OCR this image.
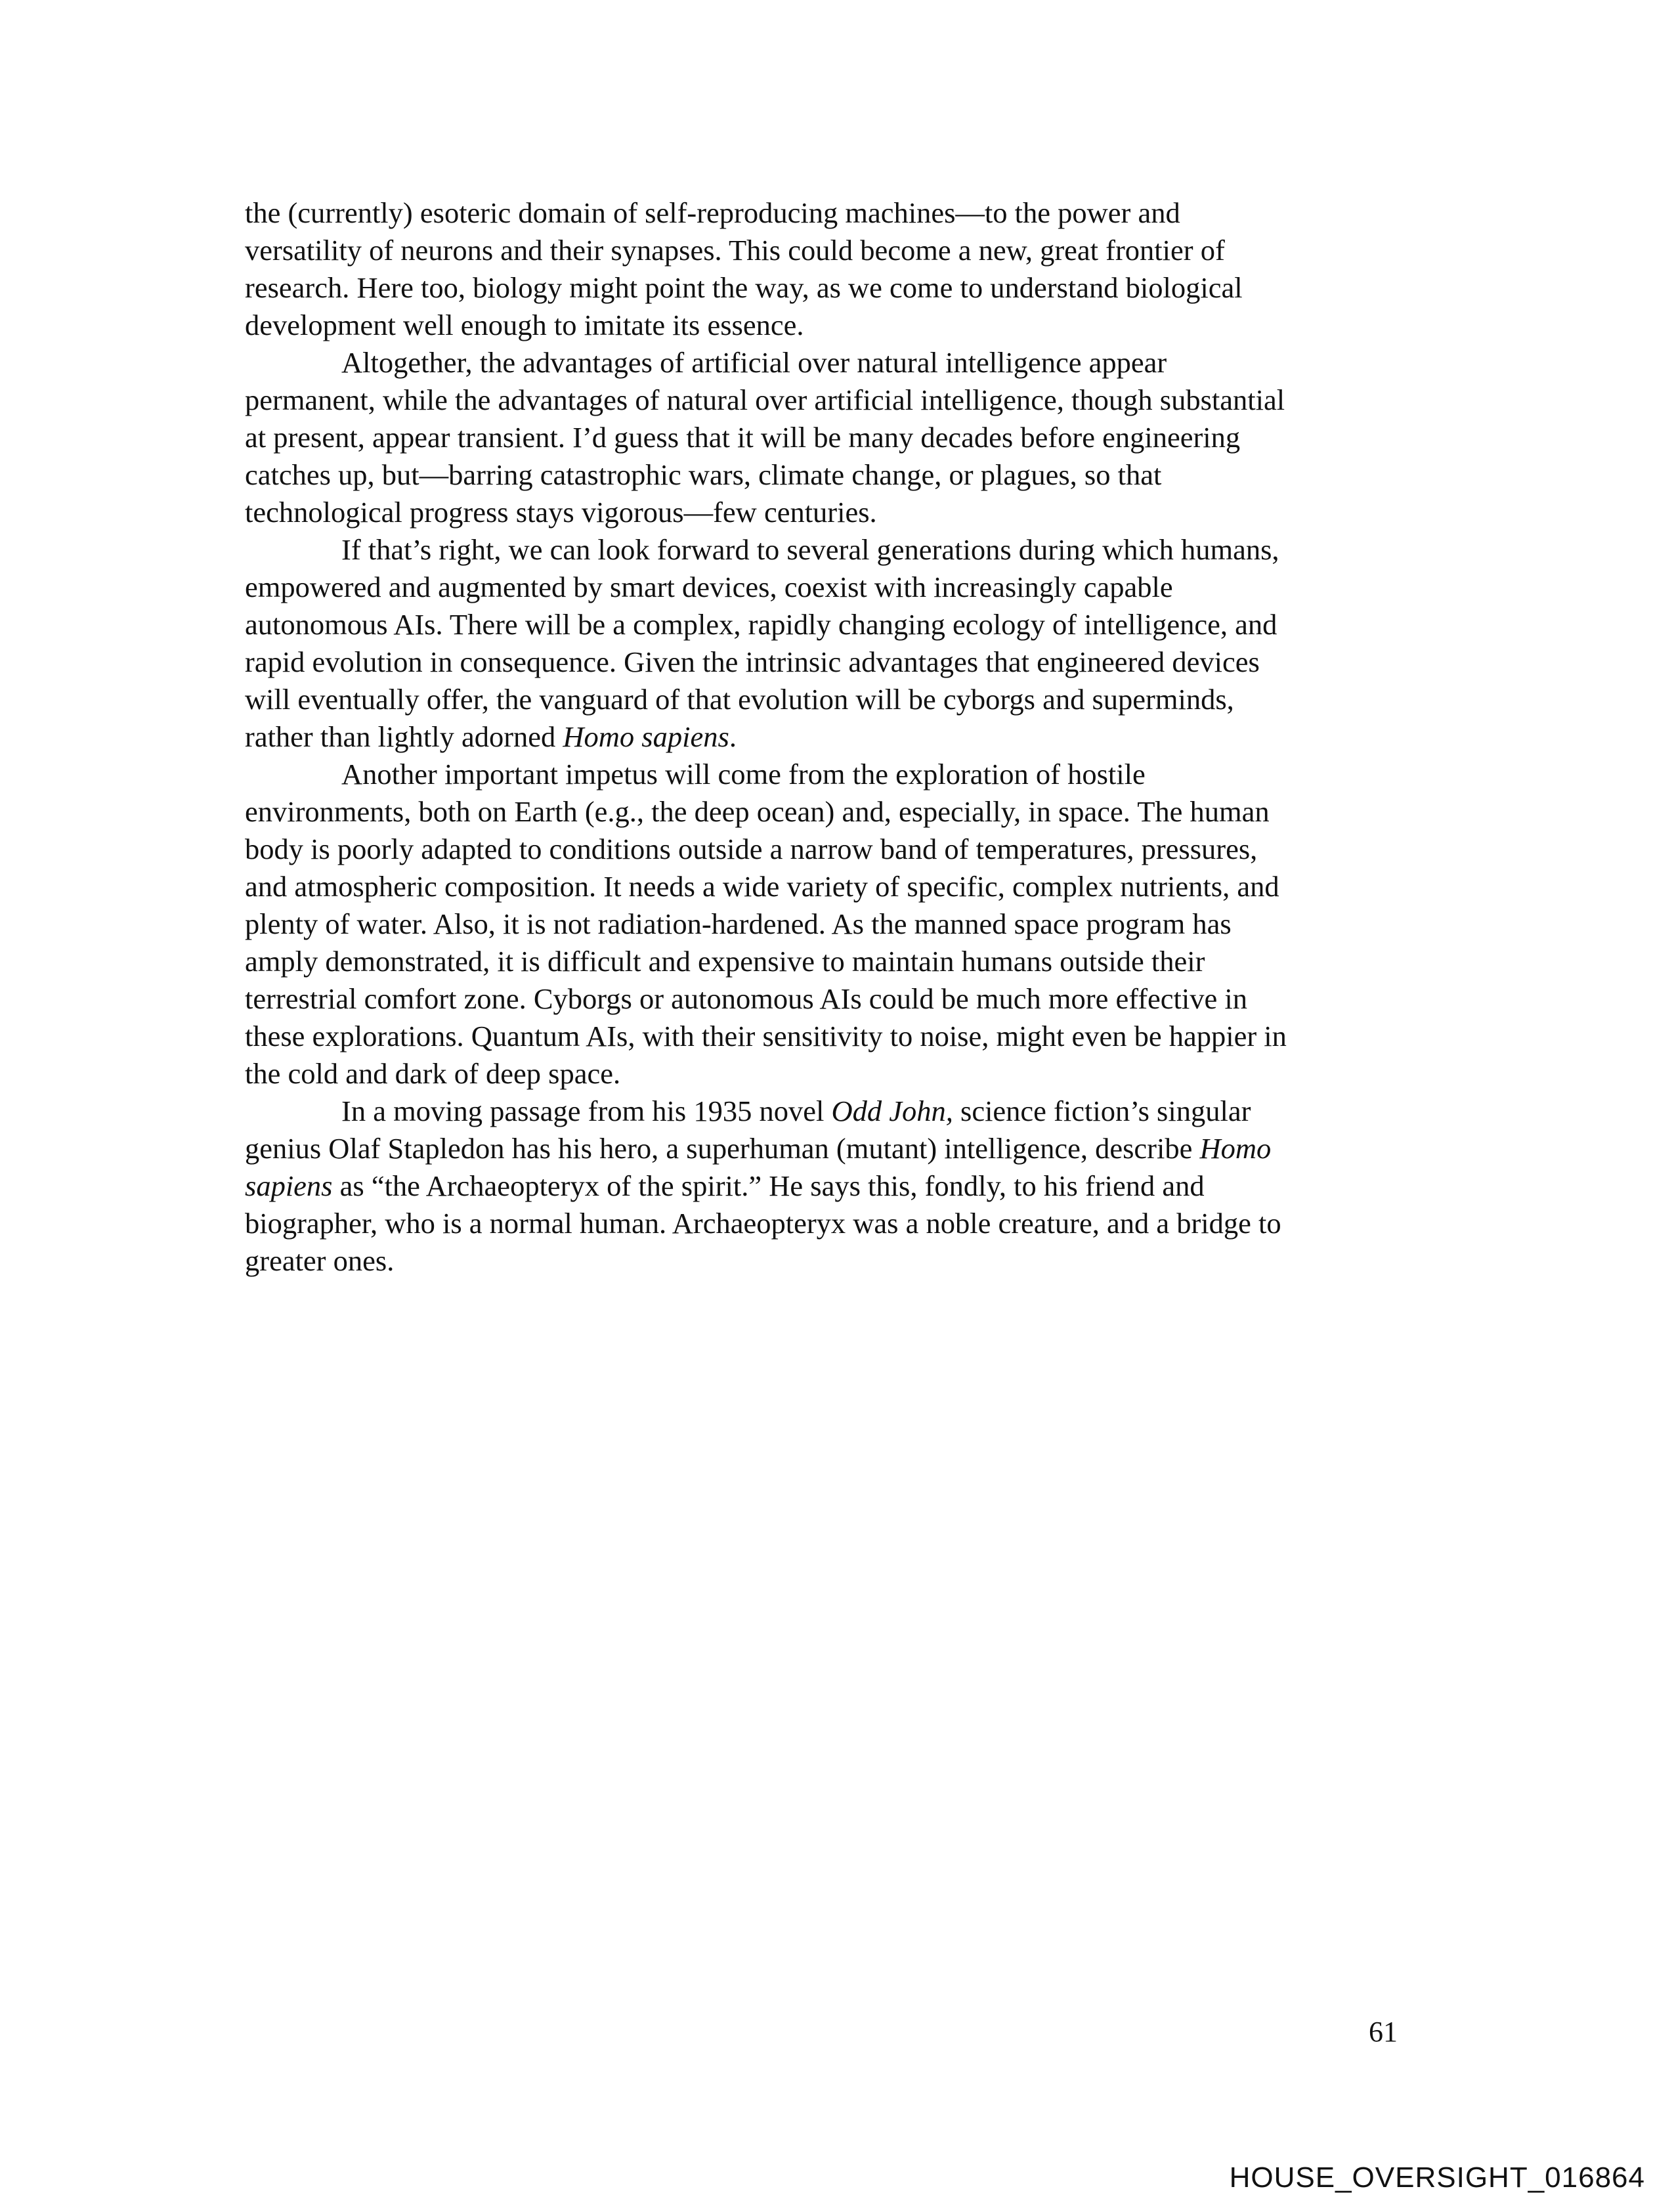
the (currently) esoteric domain of self-reproducing machines—to the power and
versatility of neurons and their synapses. This could become a new, great frontier of
research. Here too, biology might point the way, as we come to understand biological
development well enough to imitate its essence.

Altogether, the advantages of artificial over natural intelligence appear
permanent, while the advantages of natural over artificial intelligence, though substantial
at present, appear transient. I’d guess that it will be many decades before engineering
catches up, but—barring catastrophic wars, climate change, or plagues, so that
technological progress stays vigorous—few centuries.

If that’s right, we can look forward to several generations during which humans,
empowered and augmented by smart devices, coexist with increasingly capable
autonomous AIs. There will be a complex, rapidly changing ecology of intelligence, and
rapid evolution in consequence. Given the intrinsic advantages that engineered devices
will eventually offer, the vanguard of that evolution will be cyborgs and superminds,
rather than lightly adorned Homo sapiens.

Another important impetus will come from the exploration of hostile
environments, both on Earth (e.g., the deep ocean) and, especially, in space. The human
body is poorly adapted to conditions outside a narrow band of temperatures, pressures,
and atmospheric composition. It needs a wide variety of specific, complex nutrients, and
plenty of water. Also, it is not radiation-hardened. As the manned space program has
amply demonstrated, it is difficult and expensive to maintain humans outside their
terrestrial comfort zone. Cyborgs or autonomous AIs could be much more effective in
these explorations. Quantum AIs, with their sensitivity to noise, might even be happier in
the cold and dark of deep space.

In a moving passage from his 1935 novel Odd John, science fiction’s singular
genius Olaf Stapledon has his hero, a superhuman (mutant) intelligence, describe Homo
sapiens as “the Archaeopteryx of the spirit.” He says this, fondly, to his friend and
biographer, who is a normal human. Archaeopteryx was a noble creature, and a bridge to
greater ones.

61
HOUSE_OVERSIGHT_016864
